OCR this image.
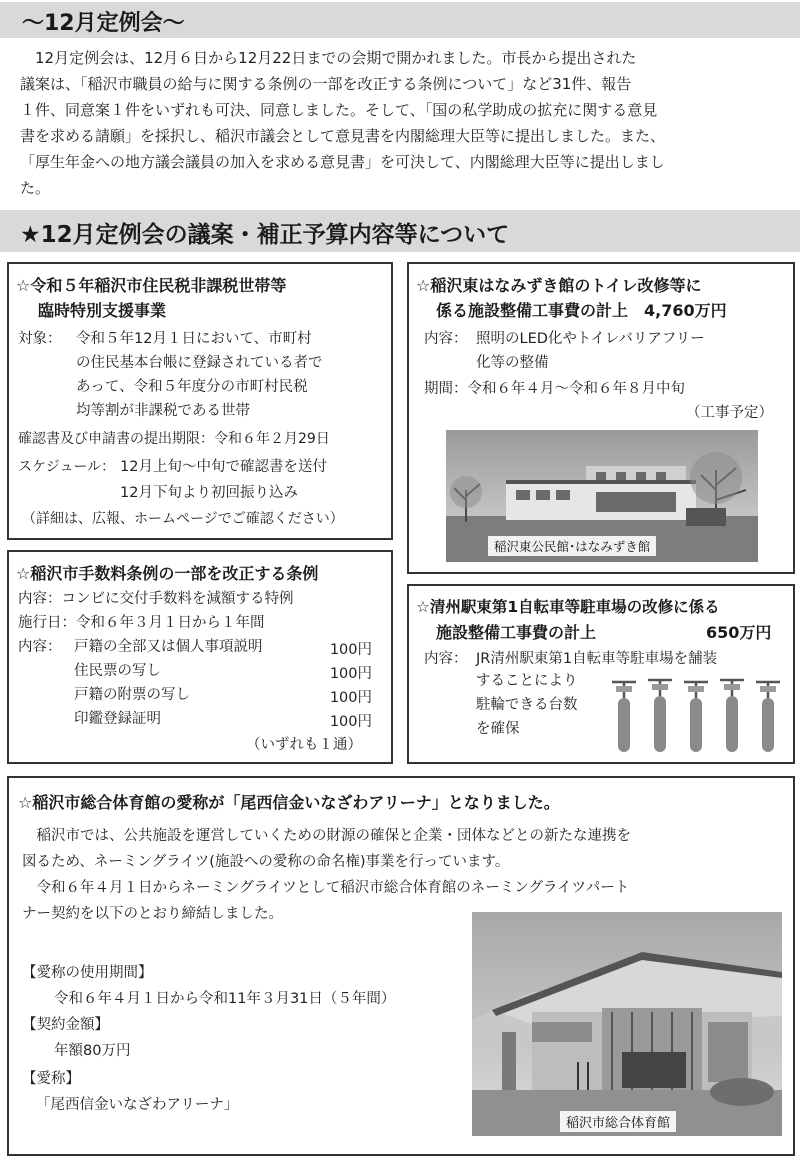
～12月定例会～
　12月定例会は、12月６日から12月22日までの会期で開かれました。市長から提出された
議案は、「稲沢市職員の給与に関する条例の一部を改正する条例について」など31件、報告
１件、同意案１件をいずれも可決、同意しました。そして、「国の私学助成の拡充に関する意見
書を求める請願」を採択し、稲沢市議会として意見書を内閣総理大臣等に提出しました。また、
「厚生年金への地方議会議員の加入を求める意見書」を可決して、内閣総理大臣等に提出しまし
た。
★12月定例会の議案・補正予算内容等について
☆令和５年稲沢市住民税非課税世帯等
臨時特別支援事業
対象： 令和５年12月１日において、市町村
の住民基本台帳に登録されている者で
あって、令和５年度分の市町村民税
均等割が非課税である世帯
確認書及び申請書の提出期限：令和６年２月29日
スケジュール： 12月上旬～中旬で確認書を送付
12月下旬より初回振り込み
（詳細は、広報、ホームページでご確認ください）
☆稲沢市手数料条例の一部を改正する条例
内容：コンビに交付手数料を減額する特例
施行日：令和６年３月１日から１年間
内容： 戸籍の全部又は個人事項説明	100円
住民票の写し	100円
戸籍の附票の写し	100円
印鑑登録証明	100円
（いずれも１通）
☆稲沢東はなみずき館のトイレ改修等に
係る施設整備工事費の計上　4,760万円
内容： 照明のLED化やトイレバリアフリー
化等の整備
期間：令和６年４月～令和６年８月中旬
（工事予定）
稲沢東公民館･はなみずき館
☆清州駅東第1自転車等駐車場の改修に係る
施設整備工事費の計上	650万円
内容： JR清州駅東第1自転車等駐車場を舗装
することにより
駐輪できる台数
を確保
☆稲沢市総合体育館の愛称が「尾西信金いなざわアリーナ」となりました。
　稲沢市では、公共施設を運営していくための財源の確保と企業・団体などとの新たな連携を
図るため、ネーミングライツ(施設への愛称の命名権)事業を行っています。
　令和６年４月１日からネーミングライツとして稲沢市総合体育館のネーミングライツパート
ナー契約を以下のとおり締結しました。
【愛称の使用期間】
令和６年４月１日から令和11年３月31日（５年間）
【契約金額】
年額80万円
【愛称】
「尾西信金いなざわアリーナ」
稲沢市総合体育館
